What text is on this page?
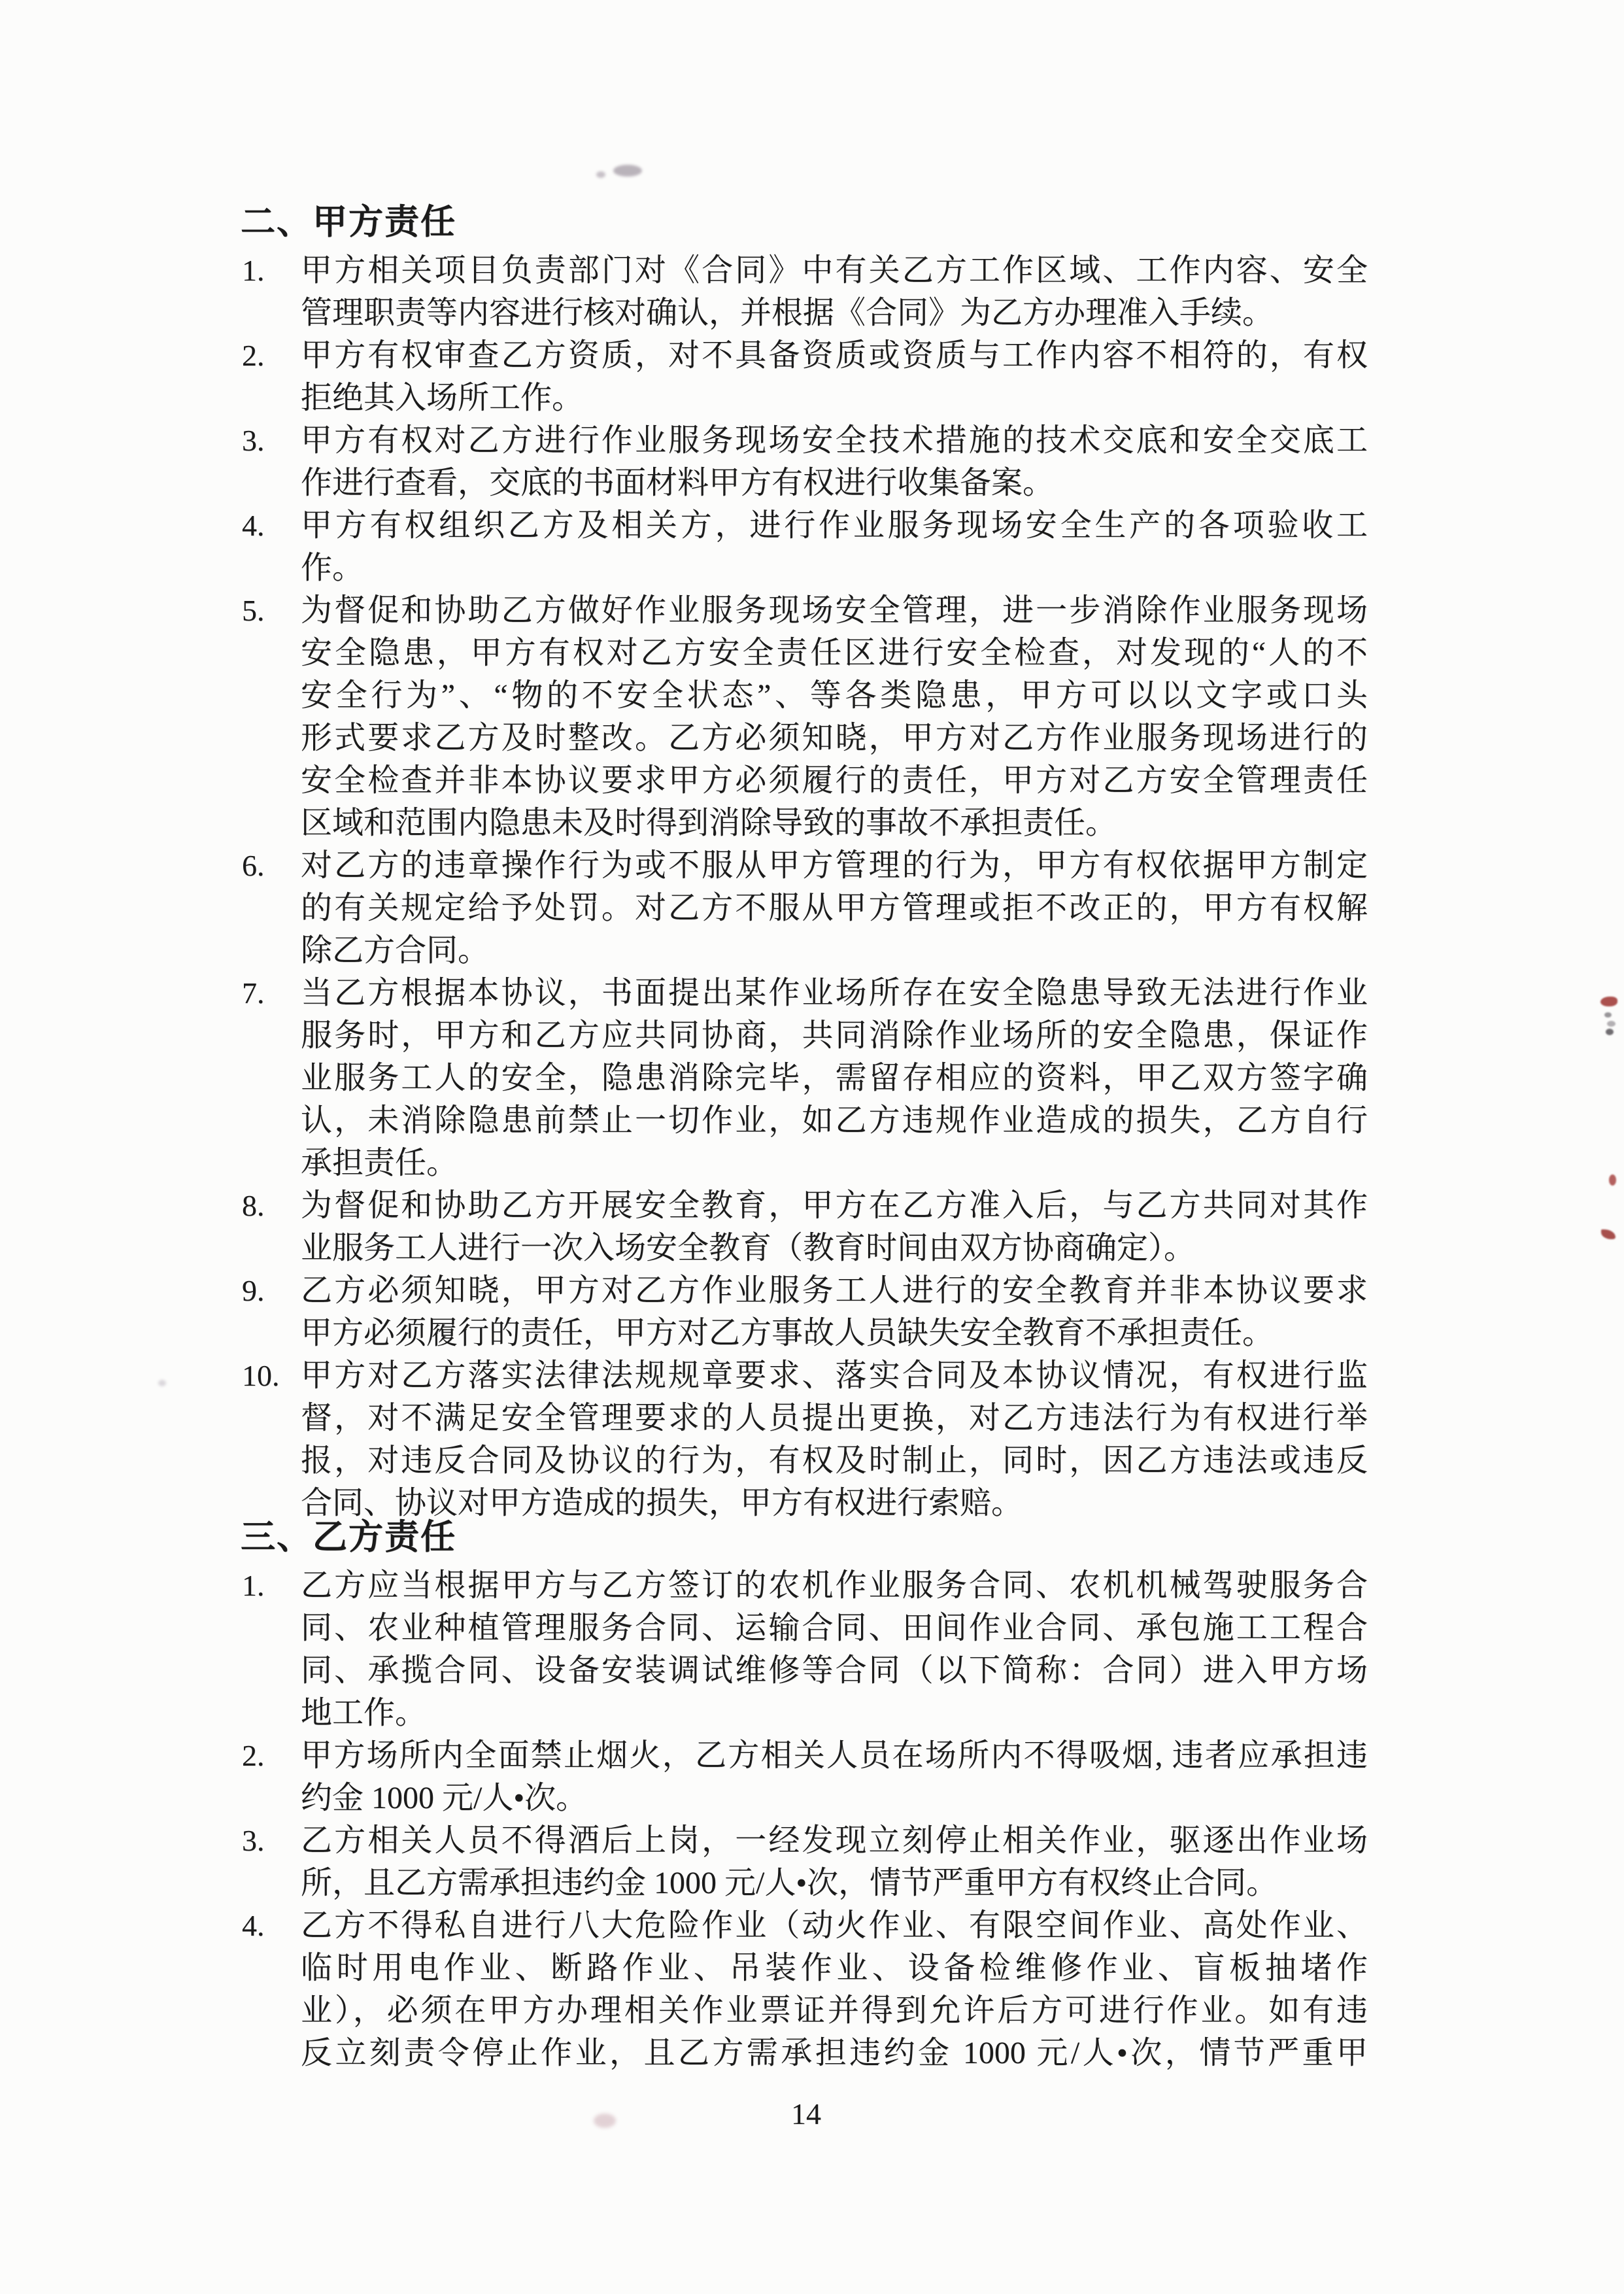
二、甲方责任
1.	甲方相关项目负责部门对《合同》中有关乙方工作区域、工作内容、安全
管理职责等内容进行核对确认，并根据《合同》为乙方办理准入手续。
2.	甲方有权审查乙方资质，对不具备资质或资质与工作内容不相符的，有权
拒绝其入场所工作。
3.	甲方有权对乙方进行作业服务现场安全技术措施的技术交底和安全交底工
作进行查看，交底的书面材料甲方有权进行收集备案。
4.	甲方有权组织乙方及相关方，进行作业服务现场安全生产的各项验收工
作。
5.	为督促和协助乙方做好作业服务现场安全管理，进一步消除作业服务现场
安全隐患，甲方有权对乙方安全责任区进行安全检查，对发现的“人的不
安全行为”、“物的不安全状态”、等各类隐患，甲方可以以文字或口头
形式要求乙方及时整改。乙方必须知晓，甲方对乙方作业服务现场进行的
安全检查并非本协议要求甲方必须履行的责任，甲方对乙方安全管理责任
区域和范围内隐患未及时得到消除导致的事故不承担责任。
6.	对乙方的违章操作行为或不服从甲方管理的行为，甲方有权依据甲方制定
的有关规定给予处罚。对乙方不服从甲方管理或拒不改正的，甲方有权解
除乙方合同。
7.	当乙方根据本协议，书面提出某作业场所存在安全隐患导致无法进行作业
服务时，甲方和乙方应共同协商，共同消除作业场所的安全隐患，保证作
业服务工人的安全，隐患消除完毕，需留存相应的资料，甲乙双方签字确
认，未消除隐患前禁止一切作业，如乙方违规作业造成的损失，乙方自行
承担责任。
8.	为督促和协助乙方开展安全教育，甲方在乙方准入后，与乙方共同对其作
业服务工人进行一次入场安全教育（教育时间由双方协商确定）。
9.	乙方必须知晓，甲方对乙方作业服务工人进行的安全教育并非本协议要求
甲方必须履行的责任，甲方对乙方事故人员缺失安全教育不承担责任。
10. 甲方对乙方落实法律法规规章要求、落实合同及本协议情况，有权进行监
督，对不满足安全管理要求的人员提出更换，对乙方违法行为有权进行举
报，对违反合同及协议的行为，有权及时制止，同时，因乙方违法或违反
合同、协议对甲方造成的损失，甲方有权进行索赔。
三、乙方责任
1.	乙方应当根据甲方与乙方签订的农机作业服务合同、农机机械驾驶服务合
同、农业种植管理服务合同、运输合同、田间作业合同、承包施工工程合
同、承揽合同、设备安装调试维修等合同（以下简称：合同）进入甲方场
地工作。
2.	甲方场所内全面禁止烟火，乙方相关人员在场所内不得吸烟, 违者应承担违
约金 1000 元/人•次。
3.	乙方相关人员不得酒后上岗，一经发现立刻停止相关作业，驱逐出作业场
所，且乙方需承担违约金 1000 元/人•次，情节严重甲方有权终止合同。
4.	乙方不得私自进行八大危险作业（动火作业、有限空间作业、高处作业、
临时用电作业、断路作业、吊装作业、设备检维修作业、盲板抽堵作
业），必须在甲方办理相关作业票证并得到允许后方可进行作业。如有违
反立刻责令停止作业，且乙方需承担违约金 1000 元/人•次，情节严重甲
14
